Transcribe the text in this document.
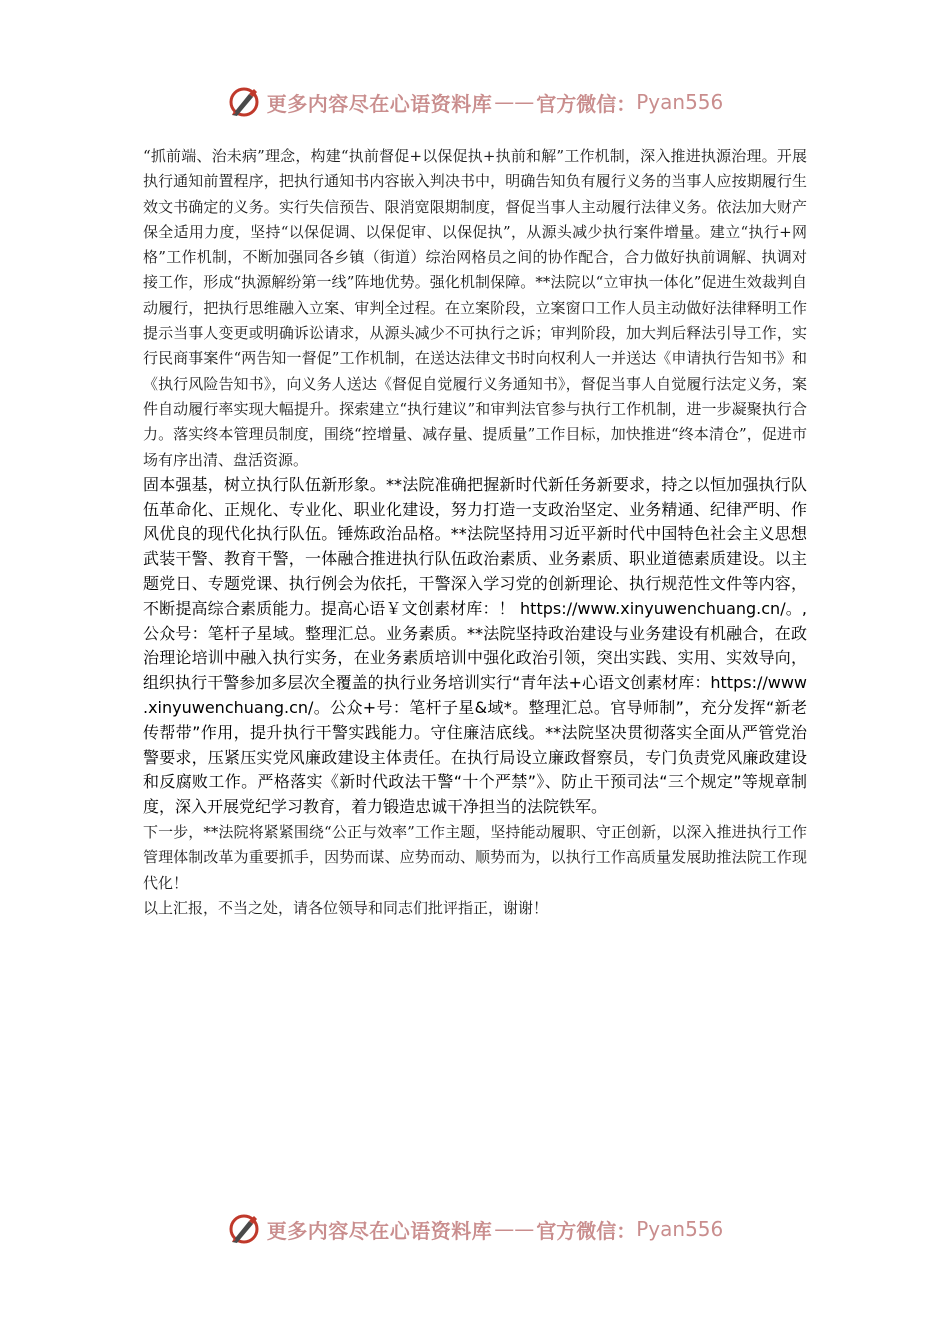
更多内容尽在心语资料库 —— 官方微信： Pyan556

“抓前端、治未病”理念，构建“执前督促+以保促执+执前和解”工作机制，深入推进执源治理。开展执行通知前置程序，把执行通知书内容嵌入判决书中，明确告知负有履行义务的当事人应按期履行生效文书确定的义务。实行失信预告、限消宽限期制度，督促当事人主动履行法律义务。依法加大财产保全适用力度，坚持“以保促调、以保促审、以保促执”，从源头减少执行案件增量。建立“执行+网格”工作机制，不断加强同各乡镇（街道）综治网格员之间的协作配合，合力做好执前调解、执调对接工作，形成“执源解纷第一线”阵地优势。强化机制保障。**法院以“立审执一体化”促进生效裁判自动履行，把执行思维融入立案、审判全过程。在立案阶段，立案窗口工作人员主动做好法律释明工作提示当事人变更或明确诉讼请求，从源头减少不可执行之诉；审判阶段，加大判后释法引导工作，实行民商事案件“两告知一督促”工作机制，在送达法律文书时向权利人一并送达《申请执行告知书》和《执行风险告知书》，向义务人送达《督促自觉履行义务通知书》，督促当事人自觉履行法定义务，案件自动履行率实现大幅提升。探索建立“执行建议”和审判法官参与执行工作机制，进一步凝聚执行合力。落实终本管理员制度，围绕“控增量、减存量、提质量”工作目标，加快推进“终本清仓”，促进市场有序出清、盘活资源。

固本强基，树立执行队伍新形象。**法院准确把握新时代新任务新要求，持之以恒加强执行队伍革命化、正规化、专业化、职业化建设，努力打造一支政治坚定、业务精通、纪律严明、作风优良的现代化执行队伍。锤炼政治品格。**法院坚持用习近平新时代中国特色社会主义思想武装干警、教育干警，一体融合推进执行队伍政治素质、业务素质、职业道德素质建设。以主题党日、专题党课、执行例会为依托，干警深入学习党的创新理论、执行规范性文件等内容，不断提高综合素质能力。提高心语￥文创素材库：！ https://www.xinyuwenchuang.cn/。,公众号：笔杆子星域。整理汇总。业务素质。**法院坚持政治建设与业务建设有机融合，在政治理论培训中融入执行实务，在业务素质培训中强化政治引领，突出实践、实用、实效导向，组织执行干警参加多层次全覆盖的执行业务培训实行“青年法+心语文创素材库：https://www.xinyuwenchuang.cn/。公众+号：笔杆子星&域*。整理汇总。官导师制”，充分发挥“新老传帮带”作用，提升执行干警实践能力。守住廉洁底线。**法院坚决贯彻落实全面从严管党治警要求，压紧压实党风廉政建设主体责任。在执行局设立廉政督察员，专门负责党风廉政建设和反腐败工作。严格落实《新时代政法干警“十个严禁”》、防止干预司法“三个规定”等规章制度，深入开展党纪学习教育，着力锻造忠诚干净担当的法院铁军。

下一步，**法院将紧紧围绕“公正与效率”工作主题，坚持能动履职、守正创新，以深入推进执行工作管理体制改革为重要抓手，因势而谋、应势而动、顺势而为，以执行工作高质量发展助推法院工作现代化！

以上汇报，不当之处，请各位领导和同志们批评指正，谢谢！

更多内容尽在心语资料库 —— 官方微信： Pyan556
